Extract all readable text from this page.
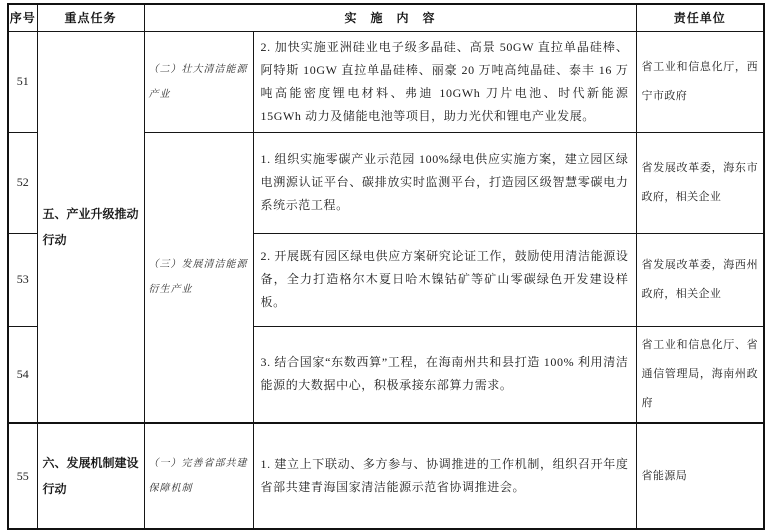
序号	重点任务	实　施　内　容		责任单位
51	五、产业升级推动行动	（二）壮大清洁能源产业	2. 加快实施亚洲硅业电子级多晶硅、高景 50GW 直拉单晶硅棒、阿特斯 10GW 直拉单晶硅棒、丽豪 20 万吨高纯晶硅、泰丰 16 万吨高能密度锂电材料、弗迪 10GWh 刀片电池、时代新能源 15GWh 动力及储能电池等项目，助力光伏和锂电产业发展。	省工业和信息化厅，西宁市政府
52		（三）发展清洁能源衍生产业	1. 组织实施零碳产业示范园 100%绿电供应实施方案，建立园区绿电溯源认证平台、碳排放实时监测平台，打造园区级智慧零碳电力系统示范工程。	省发展改革委，海东市政府，相关企业
53			2. 开展既有园区绿电供应方案研究论证工作，鼓励使用清洁能源设备，全力打造格尔木夏日哈木镍钴矿等矿山零碳绿色开发建设样板。	省发展改革委，海西州政府，相关企业
54			3. 结合国家“东数西算”工程，在海南州共和县打造 100% 利用清洁能源的大数据中心，积极承接东部算力需求。	省工业和信息化厅、省通信管理局，海南州政府
55	六、发展机制建设行动	（一）完善省部共建保障机制	1. 建立上下联动、多方参与、协调推进的工作机制，组织召开年度省部共建青海国家清洁能源示范省协调推进会。	省能源局
